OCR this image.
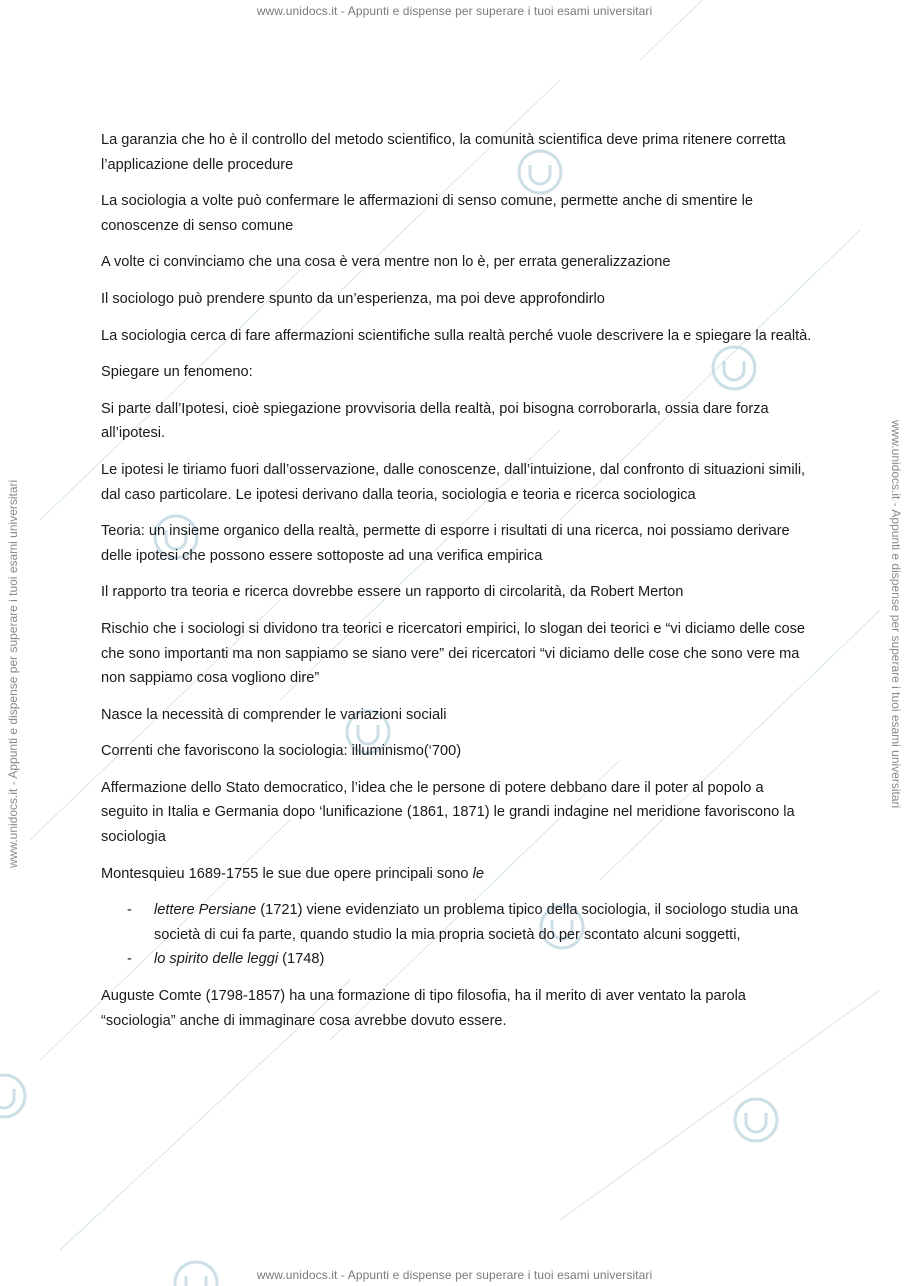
www.unidocs.it - Appunti e dispense per superare i tuoi esami universitari
www.unidocs.it - Appunti e dispense per superare i tuoi esami universitari	www.unidocs.it - Appunti e dispense per superare i tuoi esami universitari

La garanzia che ho è il controllo del metodo scientifico, la comunità scientifica deve prima ritenere corretta l’applicazione delle procedure

La sociologia a volte può confermare le affermazioni di senso comune, permette anche di smentire le conoscenze di senso comune

A volte ci convinciamo che una cosa è vera mentre non lo è, per errata generalizzazione

Il sociologo può prendere spunto da un’esperienza, ma poi deve approfondirlo

La sociologia cerca di fare affermazioni scientifiche sulla realtà perché vuole descrivere la e spiegare la realtà.

Spiegare un fenomeno:

Si parte dall’Ipotesi, cioè spiegazione provvisoria della realtà, poi bisogna corroborarla, ossia dare forza all’ipotesi.

Le ipotesi le tiriamo fuori dall’osservazione, dalle conoscenze, dall’intuizione, dal confronto di situazioni simili, dal caso particolare. Le ipotesi derivano dalla teoria, sociologia e teoria e ricerca sociologica

Teoria: un insieme organico della realtà, permette di esporre i risultati di una ricerca, noi possiamo derivare delle ipotesi che possono essere sottoposte ad una verifica empirica

Il rapporto tra teoria e ricerca dovrebbe essere un rapporto di circolarità, da Robert Merton

Rischio che i sociologi si dividono tra teorici e ricercatori empirici, lo slogan dei teorici e “vi diciamo delle cose che sono importanti ma non sappiamo se siano vere” dei ricercatori “vi diciamo delle cose che sono vere ma non sappiamo cosa vogliono dire”

Nasce la necessità di comprender le variazioni sociali

Correnti che favoriscono la sociologia: illuminismo(‘700)

Affermazione dello Stato democratico, l’idea che le persone di potere debbano dare il poter al popolo a seguito in Italia e Germania dopo ‘lunificazione (1861, 1871) le grandi indagine nel meridione favoriscono la sociologia

Montesquieu 1689-1755 le sue due opere principali sono le

- lettere Persiane (1721) viene evidenziato un problema tipico della sociologia, il sociologo studia una società di cui fa parte, quando studio la mia propria società do per scontato alcuni soggetti,
- lo spirito delle leggi (1748)

Auguste Comte (1798-1857) ha una formazione di tipo filosofia, ha il merito di aver ventato la parola “sociologia” anche di immaginare cosa avrebbe dovuto essere.

www.unidocs.it - Appunti e dispense per superare i tuoi esami universitari
